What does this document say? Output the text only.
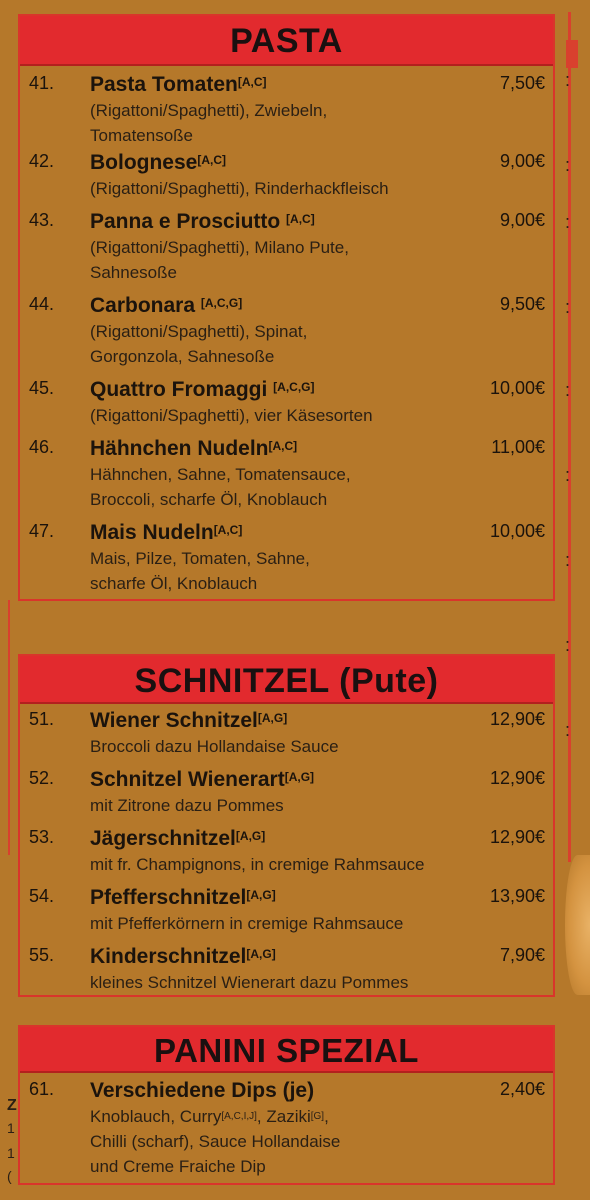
:
:
:
:
:
:
:
:
:
Z
1
1
(
PASTA
41. Pasta Tomaten[A,C]
(Rigattoni/Spaghetti), Zwiebeln,
Tomatensoße
7,50€
42. Bolognese[A,C]
(Rigattoni/Spaghetti), Rinderhackfleisch
9,00€
43. Panna e Prosciutto [A,C]
(Rigattoni/Spaghetti), Milano Pute,
Sahnesoße
9,00€
44. Carbonara [A,C,G]
(Rigattoni/Spaghetti), Spinat,
Gorgonzola, Sahnesoße
9,50€
45. Quattro Fromaggi [A,C,G]
(Rigattoni/Spaghetti), vier Käsesorten
10,00€
46. Hähnchen Nudeln[A,C]
Hähnchen, Sahne, Tomatensauce,
Broccoli, scharfe Öl, Knoblauch
11,00€
47. Mais Nudeln[A,C]
Mais, Pilze, Tomaten, Sahne,
scharfe Öl, Knoblauch
10,00€
SCHNITZEL (Pute)
51. Wiener Schnitzel[A,G]
Broccoli dazu Hollandaise Sauce
12,90€
52. Schnitzel Wienerart[A,G]
mit Zitrone dazu Pommes
12,90€
53. Jägerschnitzel[A,G]
mit fr. Champignons, in cremige Rahmsauce
12,90€
54. Pfefferschnitzel[A,G]
mit Pfefferkörnern in cremige Rahmsauce
13,90€
55. Kinderschnitzel[A,G]
kleines Schnitzel Wienerart dazu Pommes
7,90€
PANINI SPEZIAL
61. Verschiedene Dips (je)
Knoblauch, Curry[A,C,I,J], Zaziki[G],
Chilli (scharf), Sauce Hollandaise
und Creme Fraiche Dip
2,40€
